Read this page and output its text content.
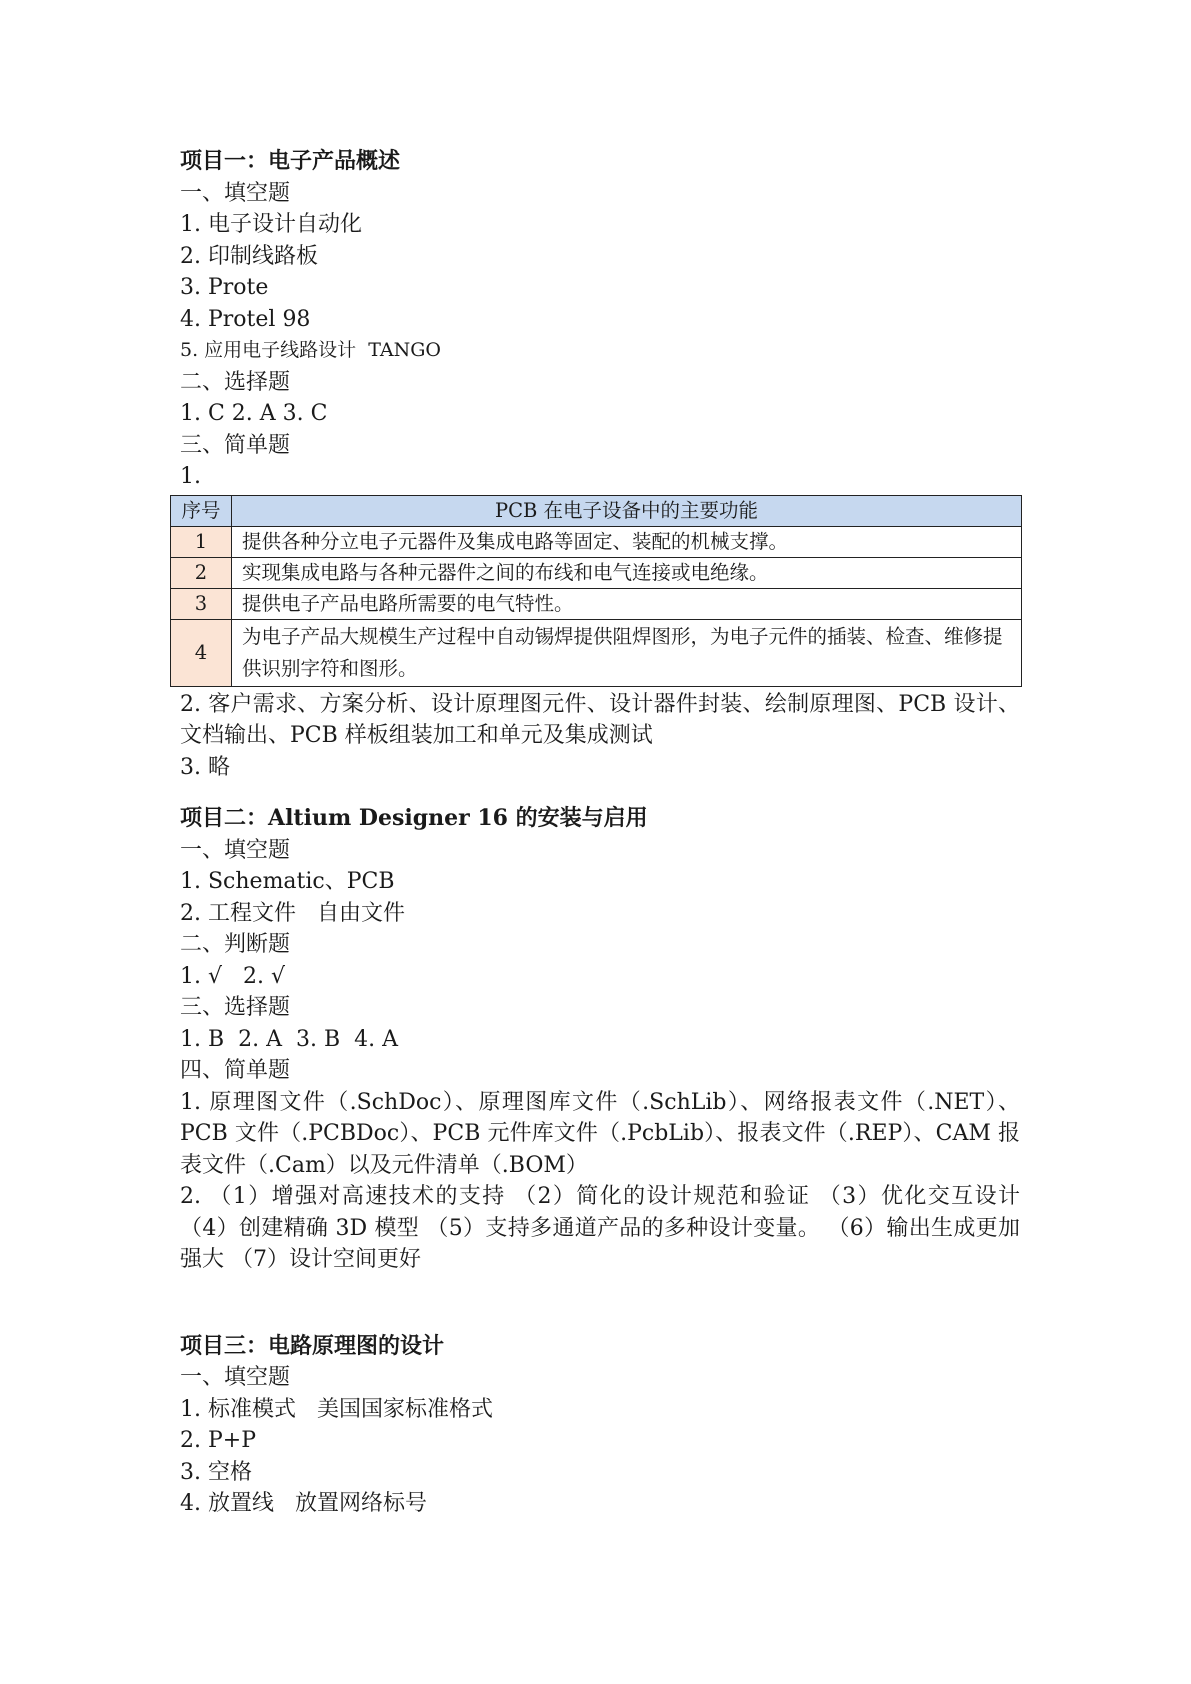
项目一：电子产品概述
一、填空题
1. 电子设计自动化
2. 印制线路板
3. Prote
4. Protel 98
5. 应用电子线路设计  TANGO
二、选择题
1. C 2. A 3. C
三、简单题
1.
序号	PCB 在电子设备中的主要功能
1	提供各种分立电子元器件及集成电路等固定、装配的机械支撑。
2	实现集成电路与各种元器件之间的布线和电气连接或电绝缘。
3	提供电子产品电路所需要的电气特性。
4	为电子产品大规模生产过程中自动锡焊提供阻焊图形，为电子元件的插装、检查、维修提供识别字符和图形。
2. 客户需求、方案分析、设计原理图元件、设计器件封装、绘制原理图、PCB 设计、文档输出、PCB 样板组装加工和单元及集成测试
3. 略
项目二：Altium Designer 16 的安装与启用
一、填空题
1. Schematic、PCB
2. 工程文件   自由文件
二、判断题
1. √   2. √
三、选择题
1. B  2. A  3. B  4. A
四、简单题
1. 原理图文件（.SchDoc）、原理图库文件（.SchLib）、网络报表文件（.NET）、PCB 文件（.PCBDoc）、PCB 元件库文件（.PcbLib）、报表文件（.REP）、CAM 报表文件（.Cam）以及元件清单（.BOM）
2. （1）增强对高速技术的支持 （2）简化的设计规范和验证 （3）优化交互设计 （4）创建精确 3D 模型 （5）支持多通道产品的多种设计变量。 （6）输出生成更加强大 （7）设计空间更好
项目三：电路原理图的设计
一、填空题
1. 标准模式   美国国家标准格式
2. P+P
3. 空格
4. 放置线   放置网络标号
